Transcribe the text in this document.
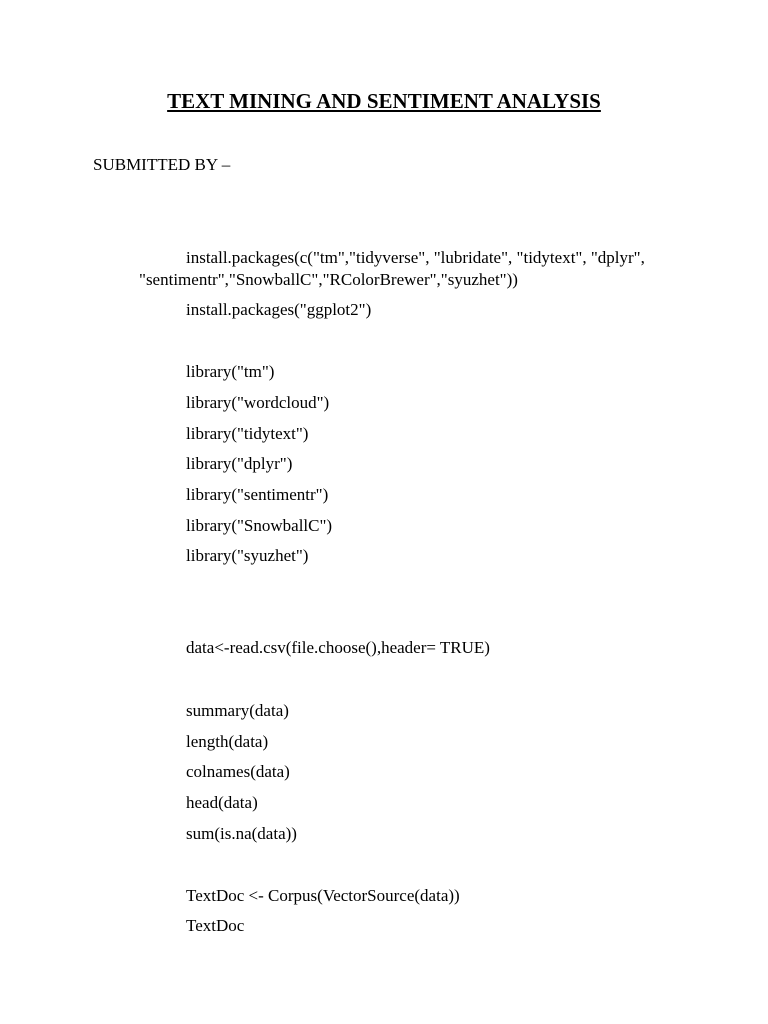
TEXT MINING AND SENTIMENT ANALYSIS
SUBMITTED BY –
install.packages(c("tm","tidyverse", "lubridate", "tidytext", "dplyr",
"sentimentr","SnowballC","RColorBrewer","syuzhet"))
install.packages("ggplot2")
library("tm")
library("wordcloud")
library("tidytext")
library("dplyr")
library("sentimentr")
library("SnowballC")
library("syuzhet")
data<-read.csv(file.choose(),header= TRUE)
summary(data)
length(data)
colnames(data)
head(data)
sum(is.na(data))
TextDoc <- Corpus(VectorSource(data))
TextDoc
